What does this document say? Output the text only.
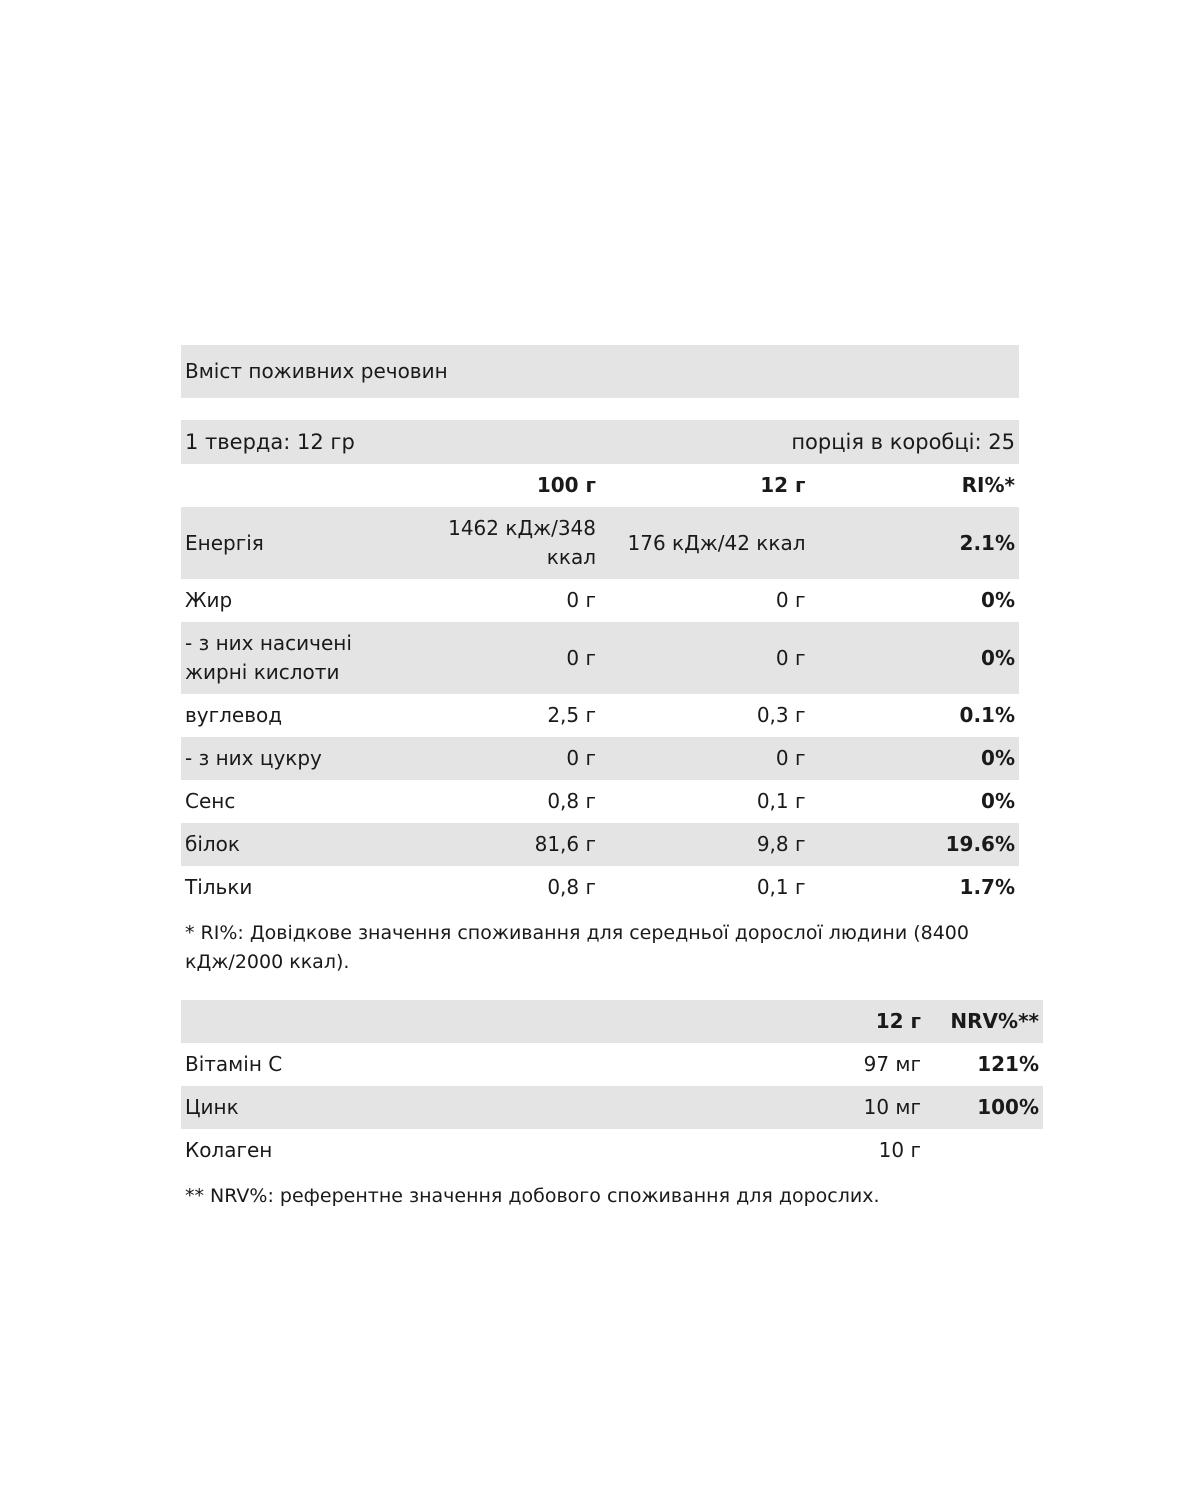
Вміст поживних речовин			

1 тверда: 12 гр		порція в коробці: 25	
	100 г	12 г	RI%*
Енергія	1462 кДж/348 ккал	176 кДж/42 ккал	2.1%
Жир	0 г	0 г	0%
- з них насичені жирні кислоти	0 г	0 г	0%
вуглевод	2,5 г	0,3 г	0.1%
- з них цукру	0 г	0 г	0%
Сенс	0,8 г	0,1 г	0%
білок	81,6 г	9,8 г	19.6%
Тільки	0,8 г	0,1 г	1.7%
* RI%: Довідкове значення споживання для середньої дорослої людини (8400 кДж/2000 ккал).			
		12 г	NRV%**
Вітамін С		97 мг	121%
Цинк		10 мг	100%
Колаген		10 г	
** NRV%: референтне значення добового споживання для дорослих.			
